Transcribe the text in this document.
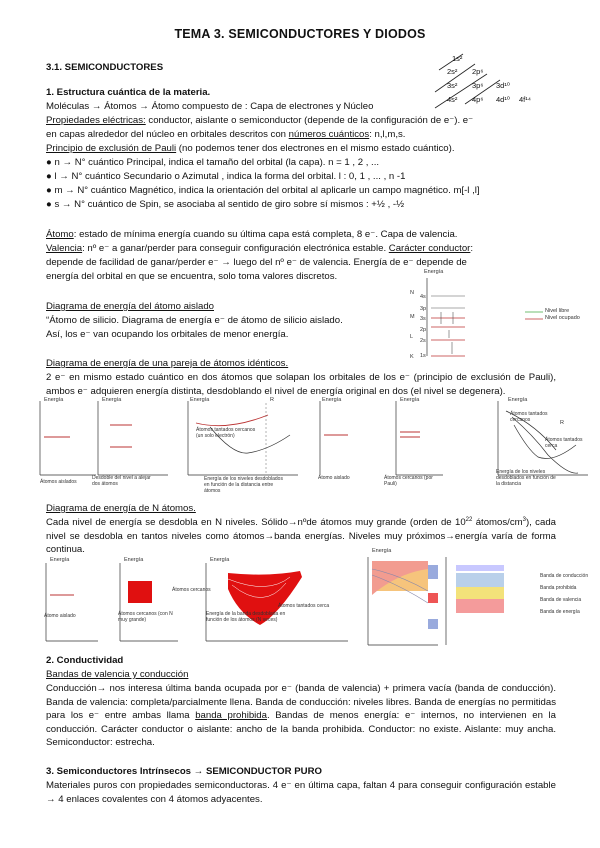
TEMA 3. SEMICONDUCTORES Y DIODOS
3.1. SEMICONDUCTORES
1s²
2s² 2p⁶
3s² 3p⁶ 3d¹⁰
4s² 4p⁶ 4d¹⁰ 4f¹⁴
1. Estructura cuántica de la materia.
Moléculas → Átomos → Átomo compuesto de : Capa de electrones y Núcleo
Propiedades eléctricas: conductor, aislante o semiconductor (depende de la configuración de e⁻). e⁻
en capas alrededor del núcleo en orbitales descritos con números cuánticos: n,l,m,s.
Principio de exclusión de Pauli (no podemos tener dos electrones en el mismo estado cuántico).
● n → N° cuántico Principal, indica el tamaño del orbital (la capa). n = 1 , 2 , ...
● l → N° cuántico Secundario o Azimutal , indica la forma del orbital. l : 0, 1 , ... , n -1
● m → N° cuántico Magnético, indica la orientación del orbital al aplicarle un campo magnético. m[-l ,l]
● s → N° cuántico de Spin, se asociaba al sentido de giro sobre sí mismos : +½ , -½
Átomo: estado de mínima energía cuando su última capa está completa, 8 e⁻. Capa de valencia.
Valencia: nº e⁻ a ganar/perder para conseguir configuración electrónica estable. Carácter conductor:
depende de facilidad de ganar/perder e⁻ → luego del nº e⁻ de valencia. Energía de e⁻ depende de
energía del orbital en que se encuentra, solo toma valores discretos.
Diagrama de energía del átomo aislado
“Átomo de silicio. Diagrama de energía e⁻ de átomo de silicio aislado.
Así, los e⁻ van ocupando los orbitales de menor energía.
Energía
N
M
L
K
4s
3p
3s
2p
2s
1s
Nivel libre
Nivel ocupado
Diagrama de energía de una pareja de átomos idénticos.
2 e⁻ en mismo estado cuántico en dos átomos que solapan los orbitales de los e⁻ (principio de exclusión de Pauli), ambos e⁻ adquieren energía distinta, desdoblando el nivel de energía original en dos (el nivel se degenera).
Energía	Energía	Energía	Energía	Energía	Energía
R
R
Átomos aislados
Desdoble del nivel a alejar dos átomos
Átomos tantados cercanos (un solo electrón)
Energía de los niveles desdoblados en función de la distancia entre átomos
Átomo aislado	Átomos cercanos (por Pauli)
Átomos tantados cercanos
Energía de los niveles desdoblados en función de la distancia
Átomos tantados cerca
Diagrama de energía de N átomos.
Cada nivel de energía se desdobla en N niveles. Sólido→nºde átomos muy grande (orden de $10^{22}$ átomos/$cm^3$), cada nivel se desdobla en tantos niveles como átomos→banda energías. Niveles muy próximos→energía varía de forma continua.
Energía	Energía	Energía
Energía
Átomo aislado	Átomos cercanos (con N muy grande)
Átomos cercanos
Átomos tantados cerca
Energía de la banda desdoblada en función de los átomos (N veces)
Banda de conducción
Banda prohibida
Banda de valencia
Banda de energía
2. Conductividad
Bandas de valencia y conducción
Conducción→ nos interesa última banda ocupada por e⁻ (banda de valencia) + primera vacía (banda de conducción). Banda de valencia: completa/parcialmente llena. Banda de conducción: niveles libres. Banda de energías no permitidas para los e⁻ entre ambas llama banda prohibida. Bandas de menos energía: e⁻ internos, no intervienen en la conducción. Carácter conductor o aislante: ancho de la banda prohibida. Conductor: no existe. Aislante: muy ancha. Semiconductor: estrecha.
3. Semiconductores Intrínsecos → SEMICONDUCTOR PURO
Materiales puros con propiedades semiconductoras. 4 e⁻ en última capa, faltan 4 para conseguir configuración estable → 4 enlaces covalentes con 4 átomos adyacentes.
